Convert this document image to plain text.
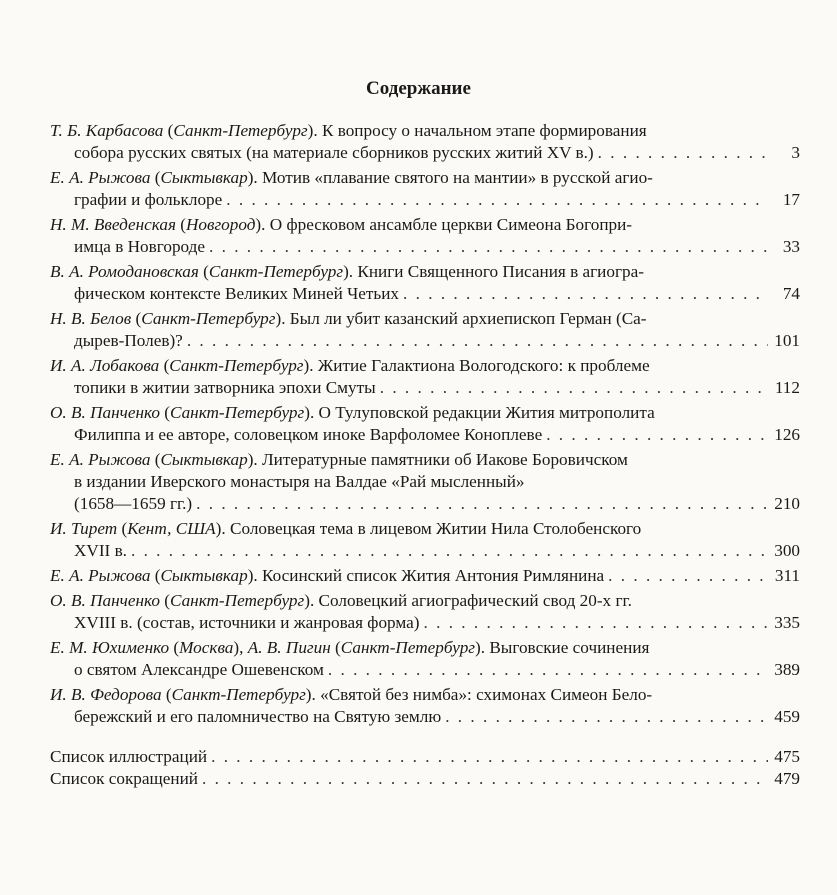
Содержание
Т. Б. Карбасова (Санкт-Петербург). К вопросу о начальном этапе формирования
собора русских святых (на материале сборников русских житий XV в.) . . .	3
Е. А. Рыжова (Сыктывкар). Мотив «плавание святого на мантии» в русской агио-
графии и фольклоре . . .	17
Н. М. Введенская (Новгород). О фресковом ансамбле церкви Симеона Богопри-
имца в Новгороде . . .	33
В. А. Ромодановская (Санкт-Петербург). Книги Священного Писания в агиогра-
фическом контексте Великих Миней Четьих . . .	74
Н. В. Белов (Санкт-Петербург). Был ли убит казанский архиепископ Герман (Са-
дырев-Полев)? . . .	101
И. А. Лобакова (Санкт-Петербург). Житие Галактиона Вологодского: к проблеме
топики в житии затворника эпохи Смуты . . .	112
О. В. Панченко (Санкт-Петербург). О Тулуповской редакции Жития митрополита
Филиппа и ее авторе, соловецком иноке Варфоломее Коноплеве . . .	126
Е. А. Рыжова (Сыктывкар). Литературные памятники об Иакове Боровичском
в издании Иверского монастыря на Валдае «Рай мысленный»
(1658—1659 гг.) . . .	210
И. Тирет (Кент, США). Соловецкая тема в лицевом Житии Нила Столобенского
XVII в. . . .	300
Е. А. Рыжова (Сыктывкар). Косинский список Жития Антония Римлянина . . .	311
О. В. Панченко (Санкт-Петербург). Соловецкий агиографический свод 20-х гг.
XVIII в. (состав, источники и жанровая форма) . . .	335
Е. М. Юхименко (Москва), А. В. Пигин (Санкт-Петербург). Выговские сочинения
о святом Александре Ошевенском . . .	389
И. В. Федорова (Санкт-Петербург). «Святой без нимба»: схимонах Симеон Бело-
бережский и его паломничество на Святую землю . . .	459
Список иллюстраций . . .	475
Список сокращений . . .	479
